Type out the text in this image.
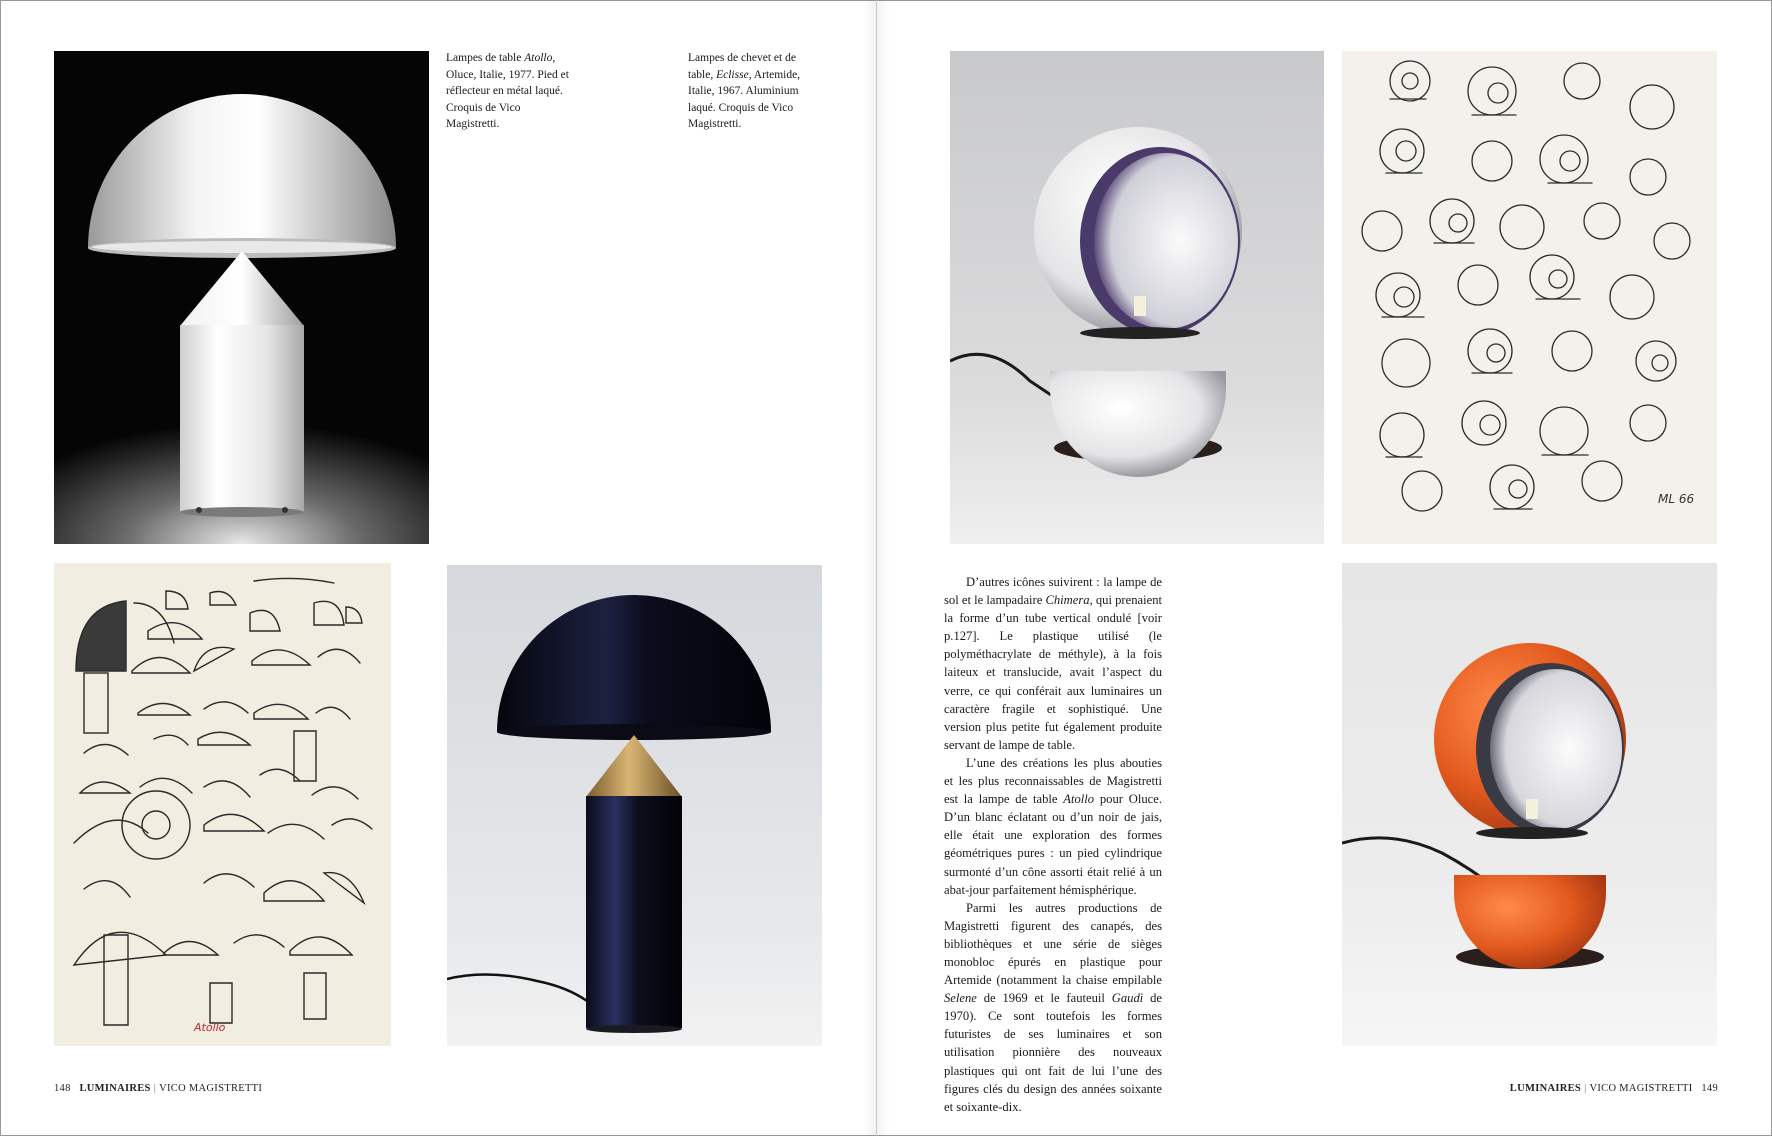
Lampes de table Atollo, Oluce, Italie, 1977. Pied et réflecteur en métal laqué. Croquis de Vico Magistretti.
Lampes de chevet et de table, Eclisse, Artemide, Italie, 1967. Aluminium laqué. Croquis de Vico Magistretti.
Atollo
ML 66

D’autres icônes suivirent : la lampe de sol et le lampadaire Chimera, qui prenaient la forme d’un tube vertical ondulé [voir p.127]. Le plastique utilisé (le polyméthacrylate de méthyle), à la fois laiteux et translucide, avait l’aspect du verre, ce qui conférait aux luminaires un caractère fragile et sophistiqué. Une version plus petite fut également produite servant de lampe de table.

L’une des créations les plus abouties et les plus reconnaissables de Magistretti est la lampe de table Atollo pour Oluce. D’un blanc éclatant ou d’un noir de jais, elle était une exploration des formes géométriques pures : un pied cylindrique surmonté d’un cône assorti était relié à un abat-jour parfaitement hémisphérique.

Parmi les autres productions de Magistretti figurent des canapés, des bibliothèques et une série de sièges monobloc épurés en plastique pour Artemide (notamment la chaise empilable Selene de 1969 et le fauteuil Gaudì de 1970). Ce sont toutefois les formes futuristes de ses luminaires et son utilisation pionnière des nouveaux plastiques qui ont fait de lui l’une des figures clés du design des années soixante et soixante-dix.

148 LUMINAIRES | VICO MAGISTRETTI	LUMINAIRES | VICO MAGISTRETTI 149
